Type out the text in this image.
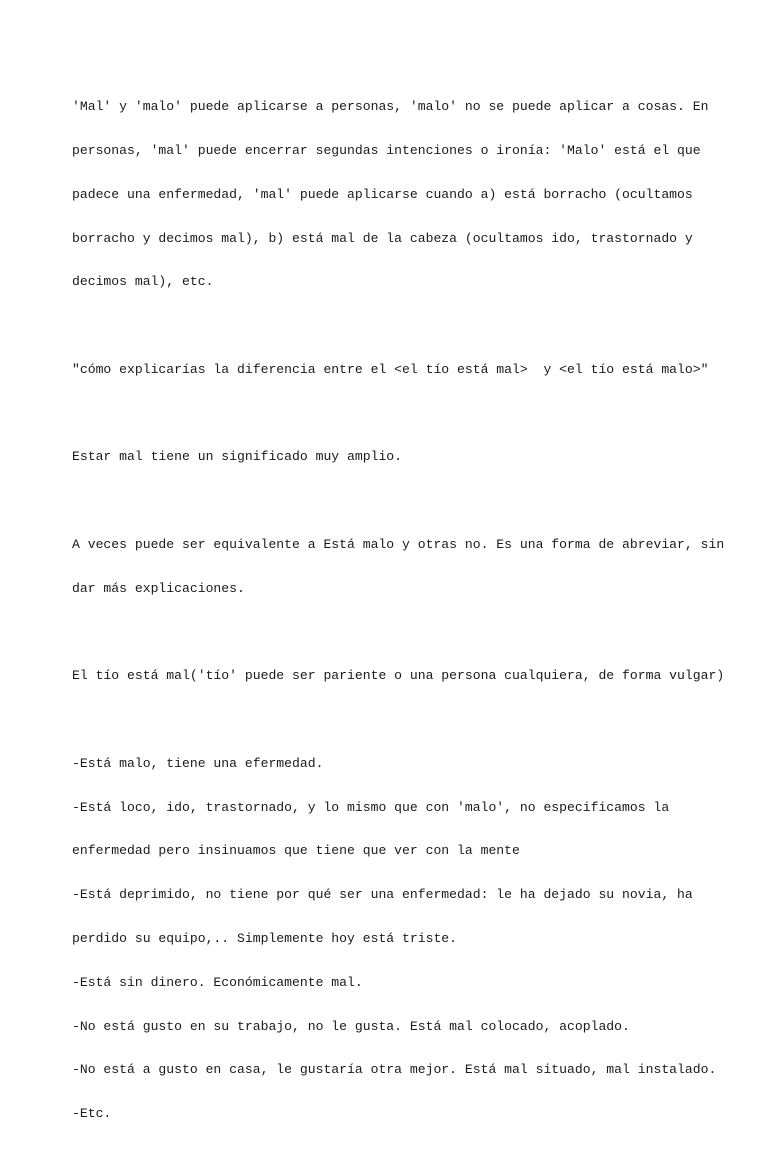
'Mal' y 'malo' puede aplicarse a personas, 'malo' no se puede aplicar a cosas. En

personas, 'mal' puede encerrar segundas intenciones o ironía: 'Malo' está el que

padece una enfermedad, 'mal' puede aplicarse cuando a) está borracho (ocultamos

borracho y decimos mal), b) está mal de la cabeza (ocultamos ido, trastornado y

decimos mal), etc.

"cómo explicarías la diferencia entre el <el tío está mal>  y <el tío está malo>"

Estar mal tiene un significado muy amplio.

A veces puede ser equivalente a Está malo y otras no. Es una forma de abreviar, sin

dar más explicaciones.

El tío está mal('tío' puede ser pariente o una persona cualquiera, de forma vulgar)

-Está malo, tiene una efermedad.

-Está loco, ido, trastornado, y lo mismo que con 'malo', no especificamos la

enfermedad pero insinuamos que tiene que ver con la mente

-Está deprimido, no tiene por qué ser una enfermedad: le ha dejado su novia, ha

perdido su equipo,.. Simplemente hoy está triste.

-Está sin dinero. Económicamente mal.

-No está gusto en su trabajo, no le gusta. Está mal colocado, acoplado.

-No está a gusto en casa, le gustaría otra mejor. Está mal situado, mal instalado.

-Etc.
